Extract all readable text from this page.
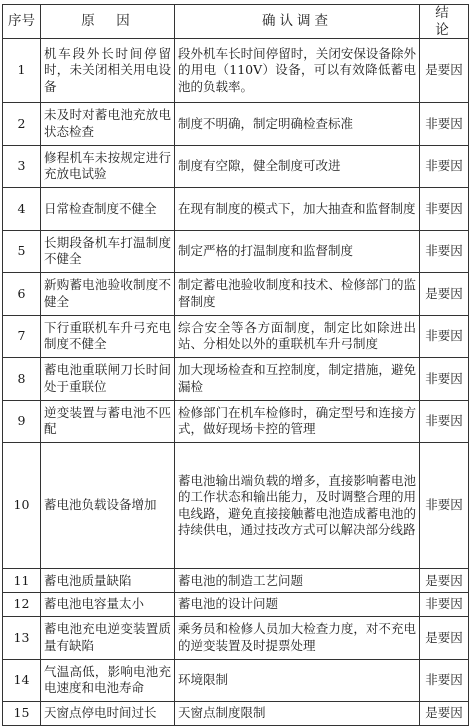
序号	原　因	确认调查	结　论
1	机车段外长时间停留时，未关闭相关用电设备	段外机车长时间停留时，关闭安保设备除外的用电（110V）设备，可以有效降低蓄电池的负载率。	是要因
2	未及时对蓄电池充放电状态检查	制度不明确，制定明确检查标准	非要因
3	修程机车未按规定进行充放电试验	制度有空隙，健全制度可改进	非要因
4	日常检查制度不健全	在现有制度的模式下，加大抽查和监督制度	非要因
5	长期段备机车打温制度不健全	制定严格的打温制度和监督制度	非要因
6	新购蓄电池验收制度不健全	制定蓄电池验收制度和技术、检修部门的监督制度	是要因
7	下行重联机车升弓充电制度不健全	综合安全等各方面制度，制定比如除进出站、分相处以外的重联机车升弓制度	非要因
8	蓄电池重联闸刀长时间处于重联位	加大现场检查和互控制度，制定措施，避免漏检	非要因
9	逆变装置与蓄电池不匹配	检修部门在机车检修时，确定型号和连接方式，做好现场卡控的管理	非要因
10	蓄电池负载设备增加	蓄电池输出端负载的增多，直接影响蓄电池的工作状态和输出能力，及时调整合理的用电线路，避免直接接触蓄电池造成蓄电池的持续供电，通过技改方式可以解决部分线路	非要因
11	蓄电池质量缺陷	蓄电池的制造工艺问题	是要因
12	蓄电池电容量太小	蓄电池的设计问题	非要因
13	蓄电池充电逆变装置质量有缺陷	乘务员和检修人员加大检查力度，对不充电的逆变装置及时提票处理	是要因
14	气温高低，影响电池充电速度和电池寿命	环境限制	非要因
15	天窗点停电时间过长	天窗点制度限制	是要因
